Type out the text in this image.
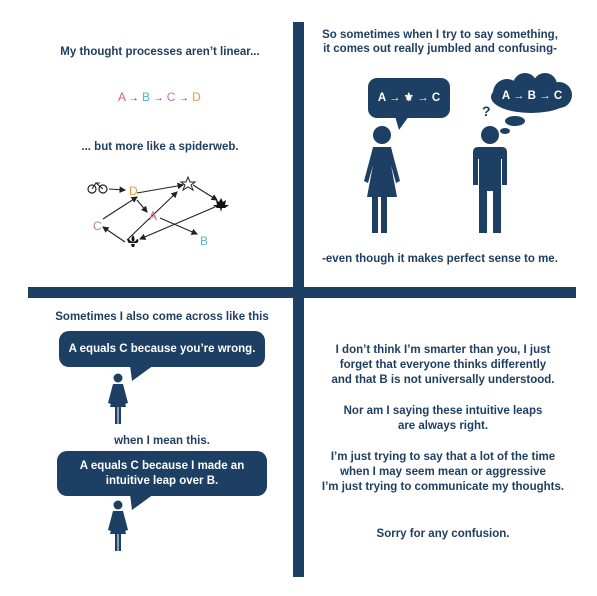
My thought processes aren’t linear...
A → B → C → D
... but more like a spiderweb.
D
A
C
B
So sometimes when I try to say something,
it comes out really jumbled and confusing-
A → ⚜ → C	A → B → C
?
-even though it makes perfect sense to me.
Sometimes I also come across like this
A equals C because you’re wrong.
when I mean this.
A equals C because I made an
intuitive leap over B.
I don’t think I’m smarter than you, I just
forget that everyone thinks differently
and that B is not universally understood.
Nor am I saying these intuitive leaps
are always right.
I’m just trying to say that a lot of the time
when I may seem mean or aggressive
I’m just trying to communicate my thoughts.
Sorry for any confusion.
